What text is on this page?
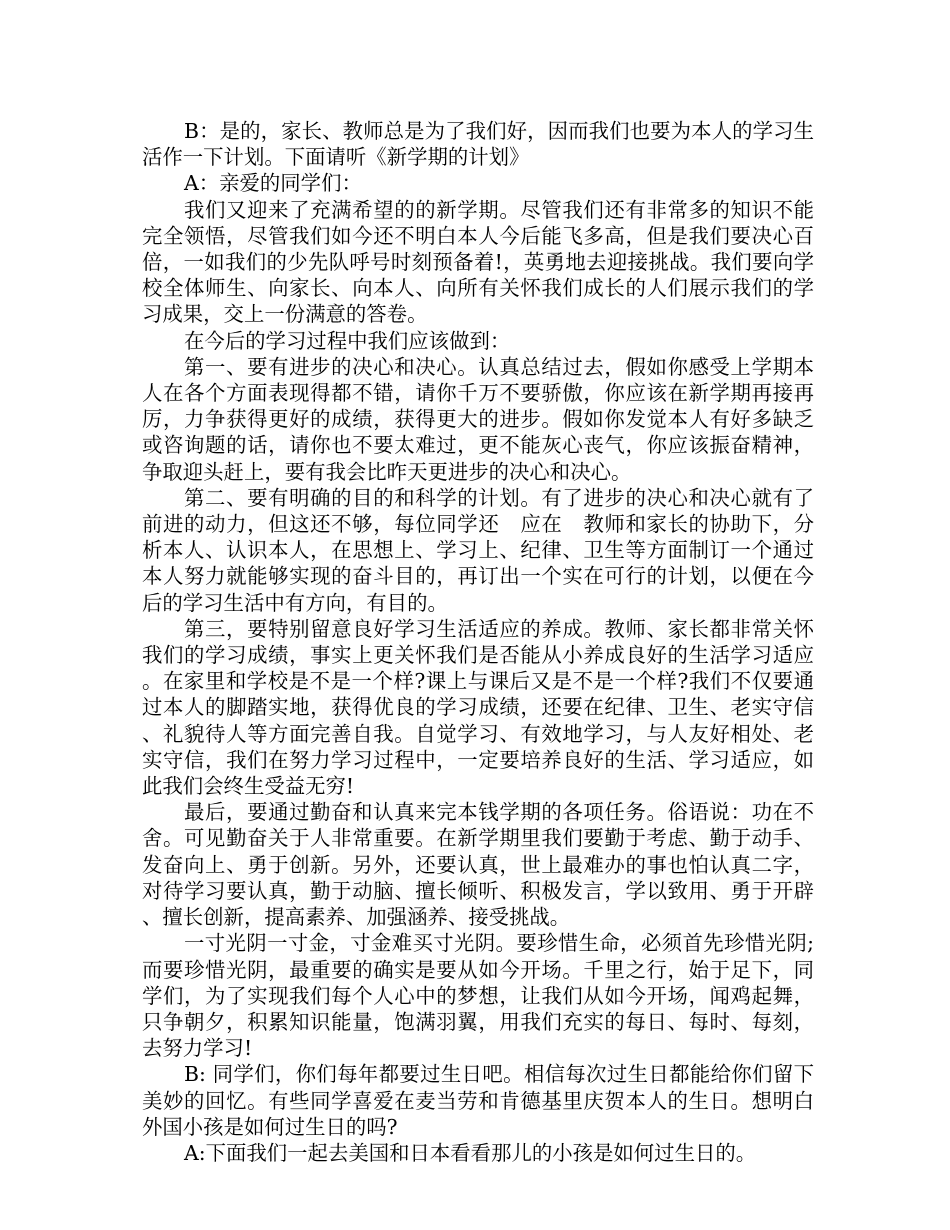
B：是的，家长、教师总是为了我们好，因而我们也要为本人的学习生活作一下计划。下面请听《新学期的计划》

A：亲爱的同学们：

我们又迎来了充满希望的的新学期。尽管我们还有非常多的知识不能完全领悟，尽管我们如今还不明白本人今后能飞多高，但是我们要决心百倍，一如我们的少先队呼号时刻预备着!，英勇地去迎接挑战。我们要向学校全体师生、向家长、向本人、向所有关怀我们成长的人们展示我们的学习成果，交上一份满意的答卷。

在今后的学习过程中我们应该做到：

第一、要有进步的决心和决心。认真总结过去，假如你感受上学期本人在各个方面表现得都不错，请你千万不要骄傲，你应该在新学期再接再厉，力争获得更好的成绩，获得更大的进步。假如你发觉本人有好多缺乏或咨询题的话，请你也不要太难过，更不能灰心丧气，你应该振奋精神，争取迎头赶上，要有我会比昨天更进步的决心和决心。

第二、要有明确的目的和科学的计划。有了进步的决心和决心就有了前进的动力，但这还不够，每位同学还　应在　教师和家长的协助下，分析本人、认识本人，在思想上、学习上、纪律、卫生等方面制订一个通过本人努力就能够实现的奋斗目的，再订出一个实在可行的计划，以便在今后的学习生活中有方向，有目的。

第三，要特别留意良好学习生活适应的养成。教师、家长都非常关怀我们的学习成绩，事实上更关怀我们是否能从小养成良好的生活学习适应。在家里和学校是不是一个样?课上与课后又是不是一个样?我们不仅要通过本人的脚踏实地，获得优良的学习成绩，还要在纪律、卫生、老实守信、礼貌待人等方面完善自我。自觉学习、有效地学习，与人友好相处、老实守信，我们在努力学习过程中，一定要培养良好的生活、学习适应，如此我们会终生受益无穷!

最后，要通过勤奋和认真来完本钱学期的各项任务。俗语说：功在不舍。可见勤奋关于人非常重要。在新学期里我们要勤于考虑、勤于动手、发奋向上、勇于创新。另外，还要认真，世上最难办的事也怕认真二字，对待学习要认真，勤于动脑、擅长倾听、积极发言，学以致用、勇于开辟、擅长创新，提高素养、加强涵养、接受挑战。

一寸光阴一寸金，寸金难买寸光阴。要珍惜生命，必须首先珍惜光阴;而要珍惜光阴，最重要的确实是要从如今开场。千里之行，始于足下，同学们，为了实现我们每个人心中的梦想，让我们从如今开场，闻鸡起舞，只争朝夕，积累知识能量，饱满羽翼，用我们充实的每日、每时、每刻，去努力学习!

B: 同学们，你们每年都要过生日吧。相信每次过生日都能给你们留下美妙的回忆。有些同学喜爱在麦当劳和肯德基里庆贺本人的生日。想明白外国小孩是如何过生日的吗?

A:下面我们一起去美国和日本看看那儿的小孩是如何过生日的。
